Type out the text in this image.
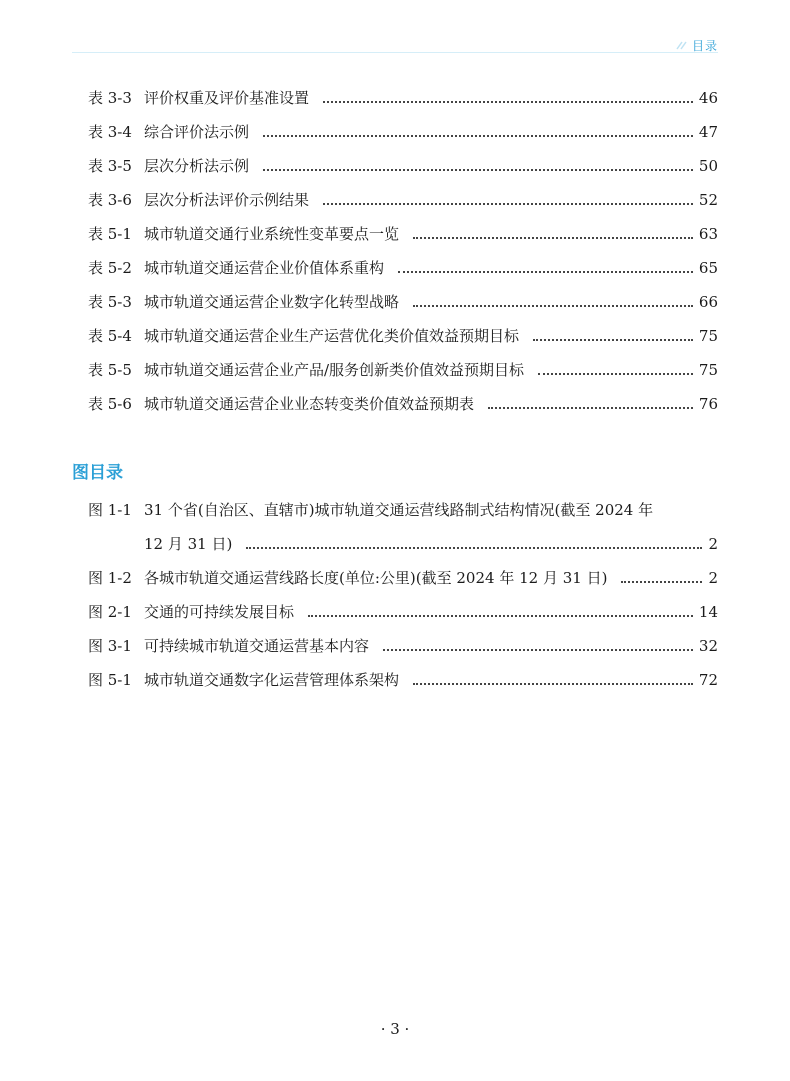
目录
表 3-3 评价权重及评价基准设置	46
表 3-4 综合评价法示例	47
表 3-5 层次分析法示例	50
表 3-6 层次分析法评价示例结果	52
表 5-1 城市轨道交通行业系统性变革要点一览	63
表 5-2 城市轨道交通运营企业价值体系重构	65
表 5-3 城市轨道交通运营企业数字化转型战略	66
表 5-4 城市轨道交通运营企业生产运营优化类价值效益预期目标	75
表 5-5 城市轨道交通运营企业产品/服务创新类价值效益预期目标	75
表 5-6 城市轨道交通运营企业业态转变类价值效益预期表	76
图目录
图 1-1 31 个省(自治区、直辖市)城市轨道交通运营线路制式结构情况(截至 2024 年
12 月 31 日)	2
图 1-2 各城市轨道交通运营线路长度(单位:公里)(截至 2024 年 12 月 31 日)	2
图 2-1 交通的可持续发展目标	14
图 3-1 可持续城市轨道交通运营基本内容	32
图 5-1 城市轨道交通数字化运营管理体系架构	72
· 3 ·
